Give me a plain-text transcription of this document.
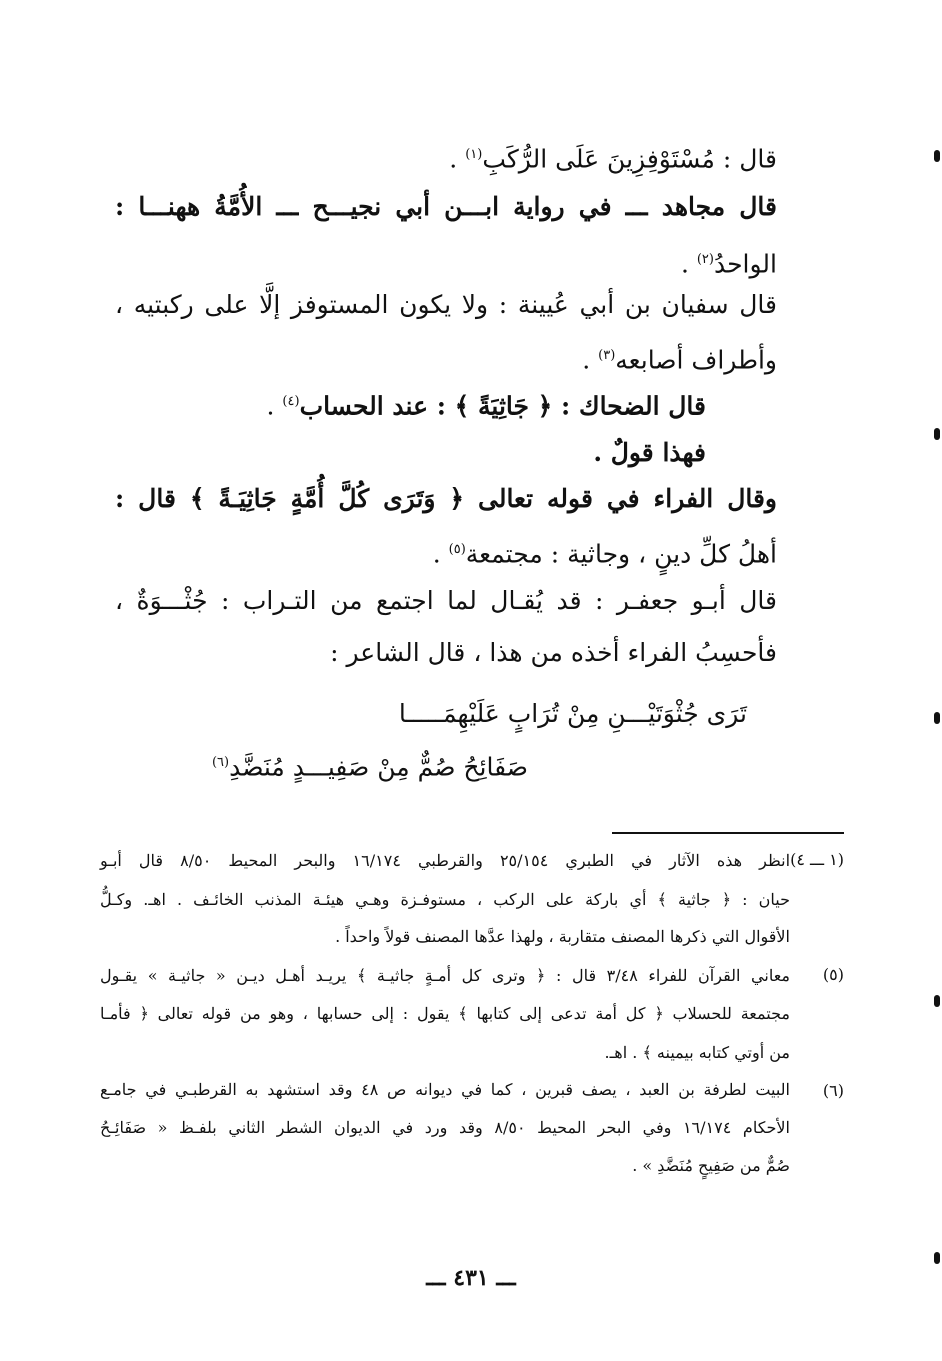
قال : مُسْتَوْفِزِينَ عَلَى الرُّكَبِ$^{(١)}$ .
قال مجاهد ـــ في رواية ابـــن أبي نجيـــح ـــ الأُمَّةُ ههنـــا :
الواحدُ$^{(٢)}$ .
قال سفيان بن أبي عُيينة : ولا يكون المستوفز إلَّا على ركبتيه ،
وأطراف أصابعه$^{(٣)}$ .
قال الضحاك : ﴿ جَاثِيَةً ﴾ : عند الحساب$^{(٤)}$ .
فهذا قولٌ .
وقال الفراء في قوله تعالى ﴿ وَتَرَى كُلَّ أُمَّةٍ جَاثِيَـةً ﴾ قال :
أهلُ كلِّ دينٍ ، وجاثية : مجتمعة$^{(٥)}$ .
قال أبـو جعفـر : قد يُقـال لما اجتمع من التـراب : جُثْـــوَةٌ ،
فأحسِبُ الفراء أخذه من هذا ، قال الشاعر :
تَرَى جُثْوَتَيْـــنِ مِنْ تُرَابٍ عَلَيْهِمَـــــا
صَفَائِحُ صُمٌّ مِنْ صَفِيـــدٍ مُنَضَّدِ$^{(٦)}$
(١ ـــ ٤)
انظر هذه الآثار في الطبري ٢٥/١٥٤ والقرطبي ١٦/١٧٤ والبحر المحيط ٨/٥٠ قال أبـو
حيان : ﴿ جاثية ﴾ أي باركة على الركب ، مستوفـزة وهـي هيئـة المذنب الخائـف . اهـ. وكـلُّ
الأقوال التي ذكرها المصنف متقاربة ، ولهذا عدَّها المصنف قولاً واحداً .
(٥)
معاني القرآن للفراء ٣/٤٨ قال : ﴿ وترى كل أمـةٍ جاثيـة ﴾ يريـد أهـل ديـن « جاثيـة » يقـول
مجتمعة للحسلاب ﴿ كل أمة تدعى إلى كتابها ﴾ يقول : إلى حسابها ، وهو من قوله تعالى ﴿ فأمـا
من أوتي كتابه بيمينه ﴾ . اهـ.
(٦)
البيت لطرفة بن العبد ، يصف قبرين ، كما في ديوانه ص ٤٨ وقد استشهد به القرطبـي في جامـع
الأحكام ١٦/١٧٤ وفي البحر المحيط ٨/٥٠ وقد ورد في الديوان الشطر الثاني بلفـظ « صَفَائِـحُ
صُمٌّ من صَفِيحٍ مُنَضَّدِ » .
ـــ ٤٣١ ـــ
